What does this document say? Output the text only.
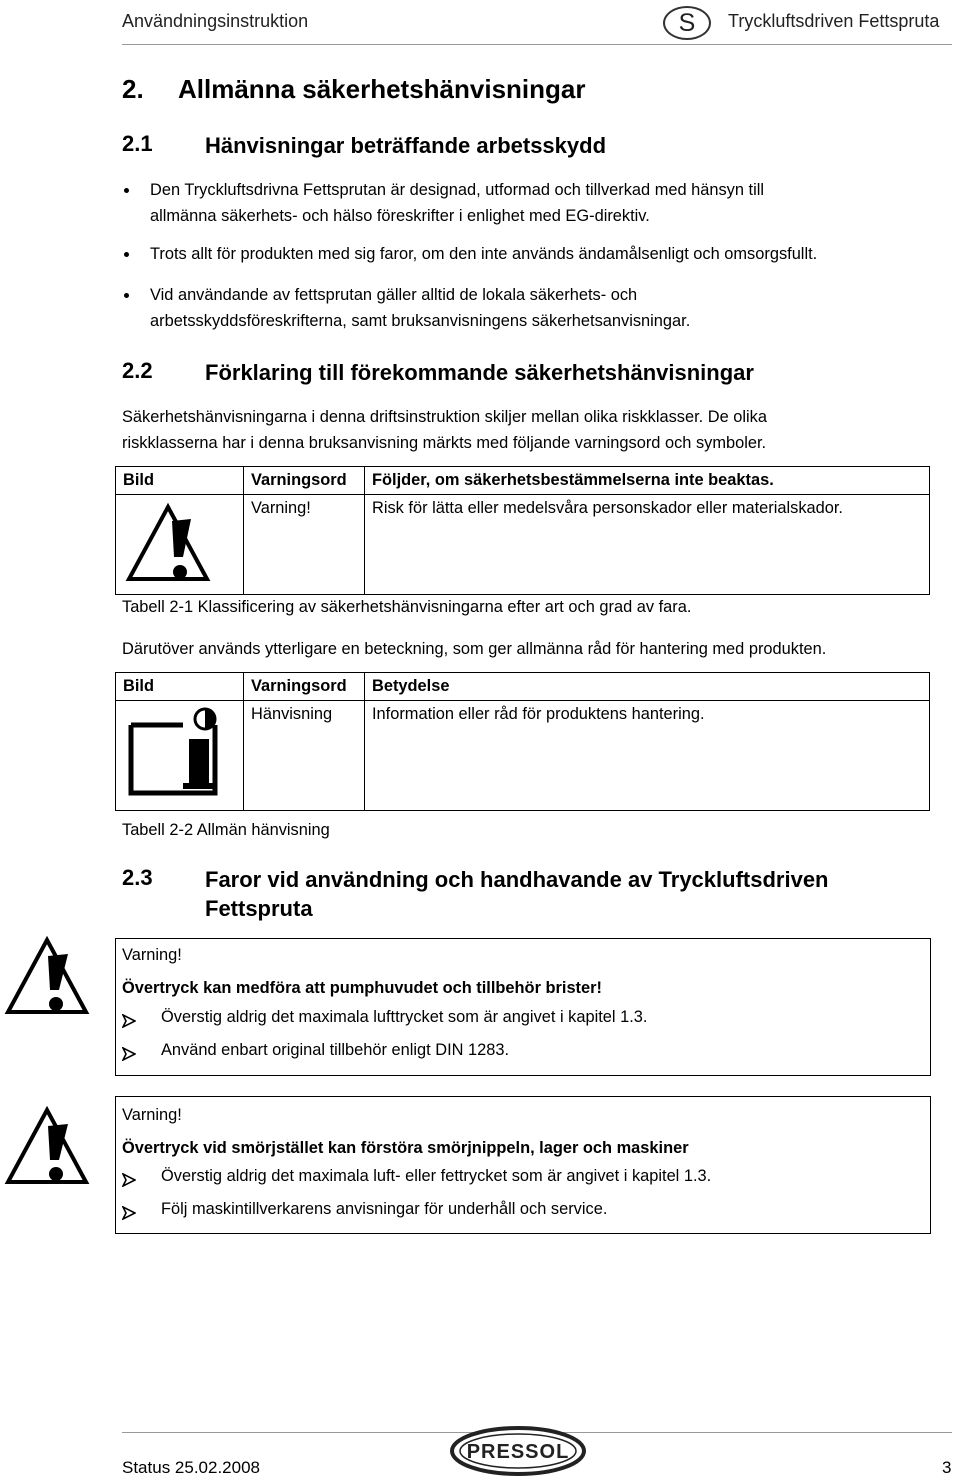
Användningsinstruktion	S	Tryckluftsdriven Fettspruta
2. Allmänna säkerhetshänvisningar
2.1 Hänvisningar beträffande arbetsskydd
Den Tryckluftsdrivna Fettsprutan är designad, utformad och tillverkad med hänsyn till
allmänna säkerhets- och hälso föreskrifter i enlighet med EG-direktiv.
Trots allt för produkten med sig faror, om den inte används ändamålsenligt och omsorgsfullt.
Vid användande av fettsprutan gäller alltid de lokala säkerhets- och
arbetsskyddsföreskrifterna, samt bruksanvisningens säkerhetsanvisningar.
2.2 Förklaring till förekommande säkerhetshänvisningar
Säkerhetshänvisningarna i denna driftsinstruktion skiljer mellan olika riskklasser. De olika
riskklasserna har i denna bruksanvisning märkts med följande varningsord och symboler.
Bild	Varningsord	Följder, om säkerhetsbestämmelserna inte beaktas.
	Varning!	Risk för lätta eller medelsvåra personskador eller materialskador.
Tabell 2-1 Klassificering av säkerhetshänvisningarna efter art och grad av fara.
Därutöver används ytterligare en beteckning, som ger allmänna råd för hantering med produkten.
Bild	Varningsord	Betydelse
	Hänvisning	Information eller råd för produktens hantering.
Tabell 2-2 Allmän hänvisning
2.3 Faror vid användning och handhavande av Tryckluftsdriven
Fettspruta
Varning!
Övertryck kan medföra att pumphuvudet och tillbehör brister!
Överstig aldrig det maximala lufttrycket som är angivet i kapitel 1.3.
Använd enbart original tillbehör enligt DIN 1283.
Varning!
Övertryck vid smörjstället kan förstöra smörjnippeln, lager och maskiner
Överstig aldrig det maximala luft- eller fettrycket som är angivet i kapitel 1.3.
Följ maskintillverkarens anvisningar för underhåll och service.
Status 25.02.2008
PRESSOL
3
